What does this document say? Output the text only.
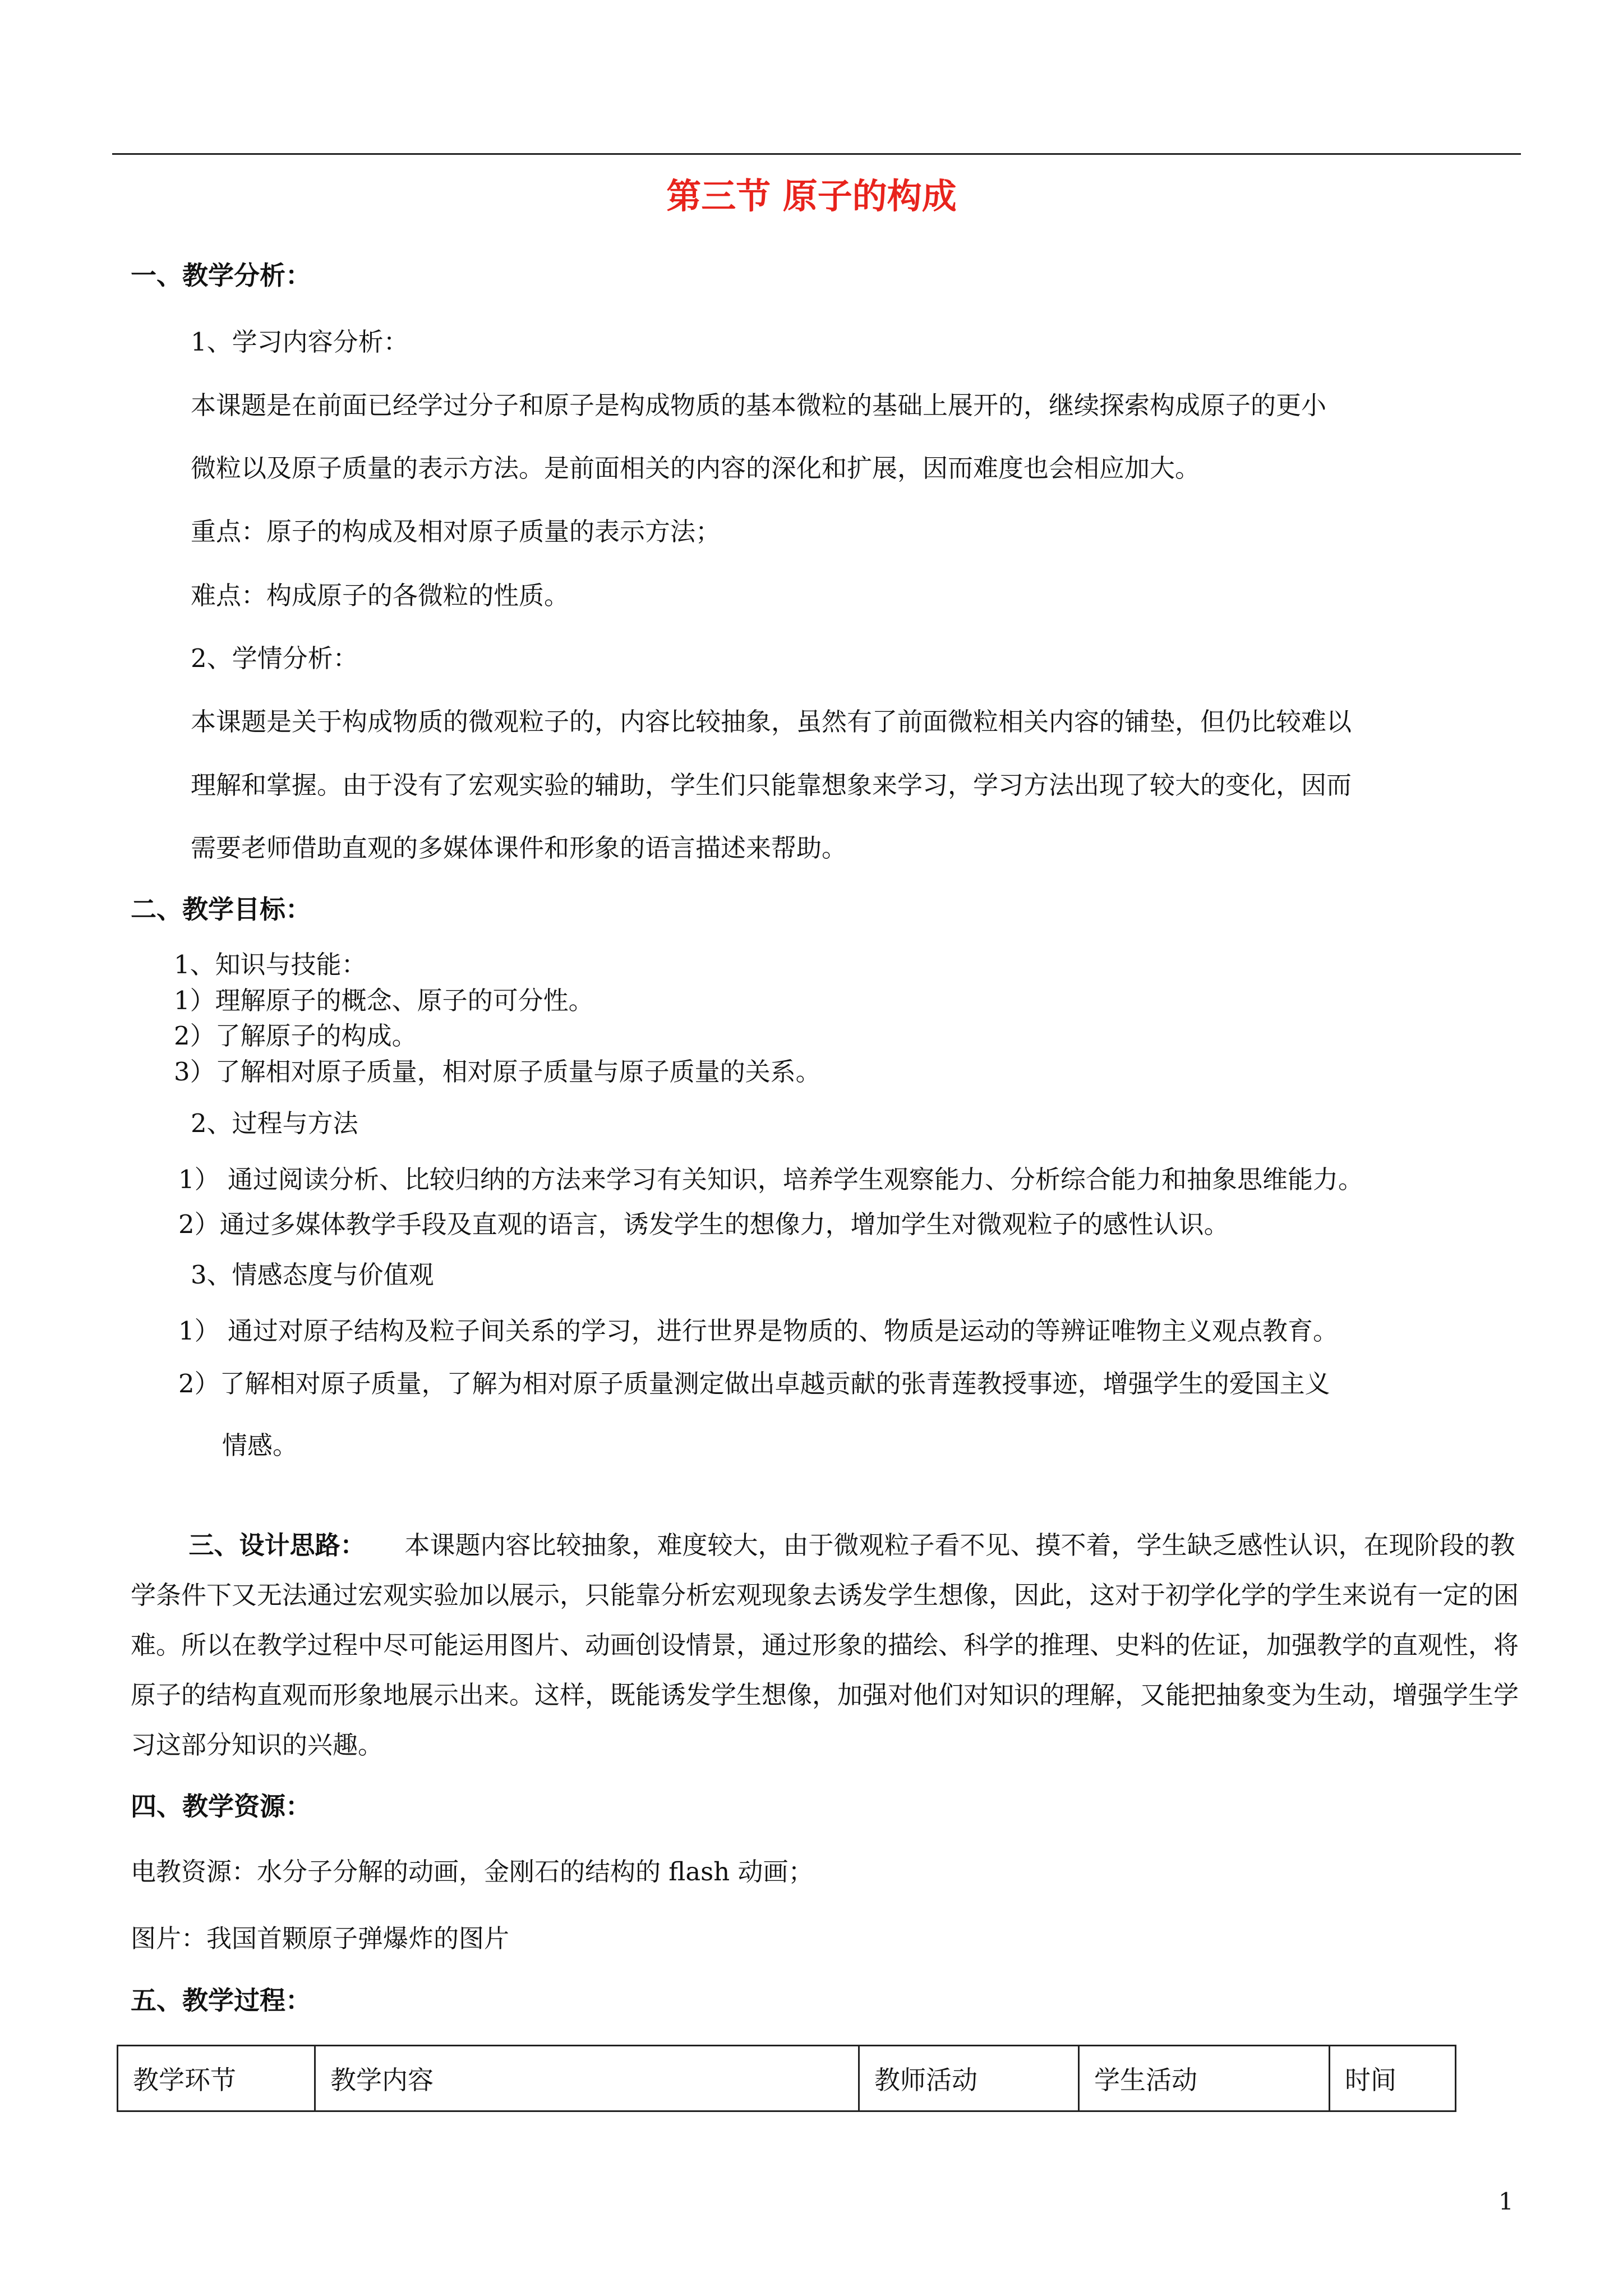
第三节 原子的构成
一、教学分析：
1、学习内容分析：
本课题是在前面已经学过分子和原子是构成物质的基本微粒的基础上展开的，继续探索构成原子的更小
微粒以及原子质量的表示方法。是前面相关的内容的深化和扩展，因而难度也会相应加大。
重点：原子的构成及相对原子质量的表示方法；
难点：构成原子的各微粒的性质。
2、学情分析：
本课题是关于构成物质的微观粒子的，内容比较抽象，虽然有了前面微粒相关内容的铺垫，但仍比较难以
理解和掌握。由于没有了宏观实验的辅助，学生们只能靠想象来学习，学习方法出现了较大的变化，因而
需要老师借助直观的多媒体课件和形象的语言描述来帮助。
二、教学目标：
1、知识与技能：
1）理解原子的概念、原子的可分性。
2）了解原子的构成。
3）了解相对原子质量，相对原子质量与原子质量的关系。
2、过程与方法
1） 通过阅读分析、比较归纳的方法来学习有关知识，培养学生观察能力、分析综合能力和抽象思维能力。
2）通过多媒体教学手段及直观的语言，诱发学生的想像力，增加学生对微观粒子的感性认识。
3、情感态度与价值观
1） 通过对原子结构及粒子间关系的学习，进行世界是物质的、物质是运动的等辨证唯物主义观点教育。
2）了解相对原子质量，了解为相对原子质量测定做出卓越贡献的张青莲教授事迹，增强学生的爱国主义
情感。
三、设计思路： 本课题内容比较抽象，难度较大，由于微观粒子看不见、摸不着，学生缺乏感性认识，在现阶段的教学条件下又无法通过宏观实验加以展示，只能靠分析宏观现象去诱发学生想像，因此，这对于初学化学的学生来说有一定的困难。所以在教学过程中尽可能运用图片、动画创设情景，通过形象的描绘、科学的推理、史料的佐证，加强教学的直观性，将原子的结构直观而形象地展示出来。这样，既能诱发学生想像，加强对他们对知识的理解，又能把抽象变为生动，增强学生学习这部分知识的兴趣。
四、教学资源：
电教资源：水分子分解的动画，金刚石的结构的 flash 动画；
图片：我国首颗原子弹爆炸的图片
五、教学过程：
教学环节	教学内容	教师活动	学生活动	时间
1
